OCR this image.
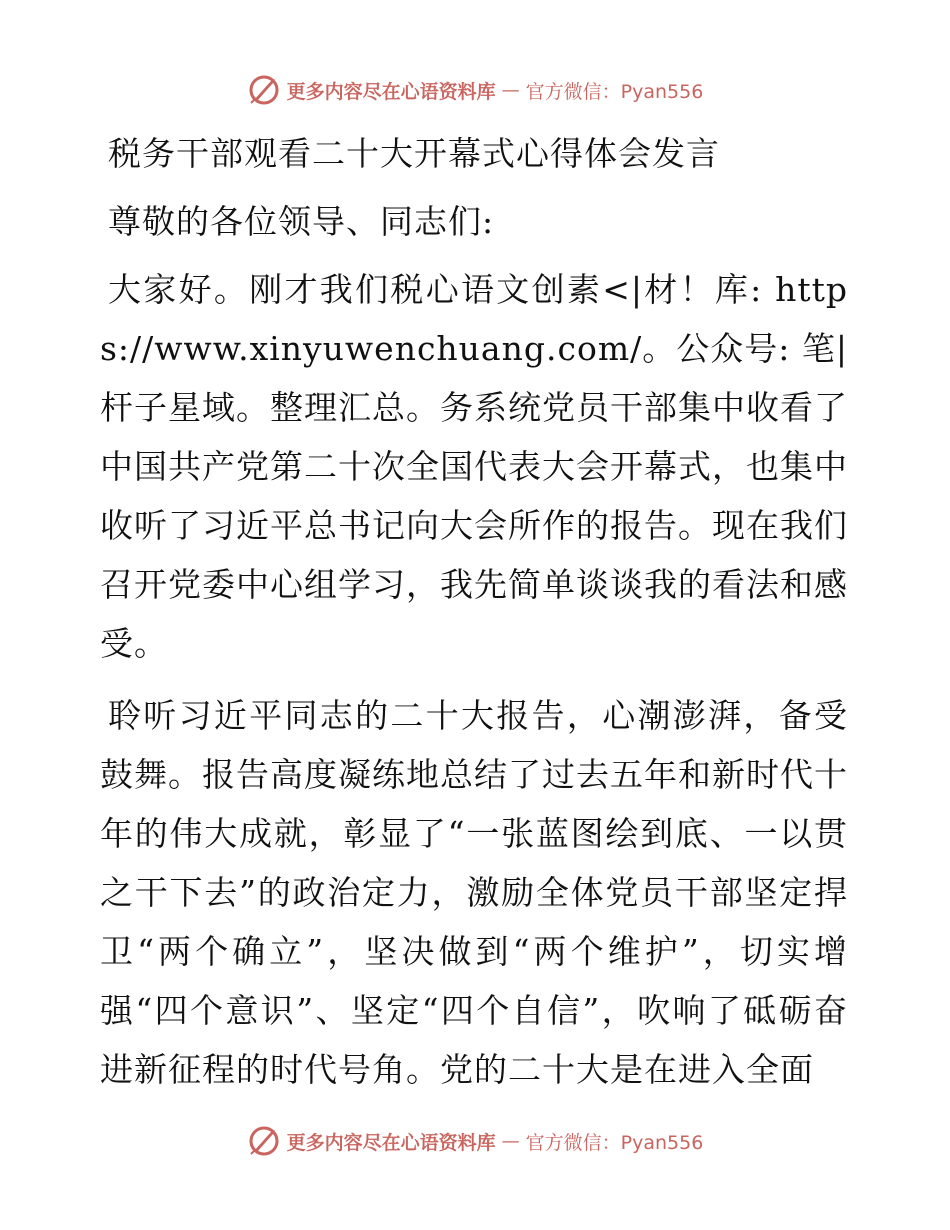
更多内容尽在心语资料库 — 官方微信：Pyan556

税务干部观看二十大开幕式心得体会发言

尊敬的各位领导、同志们:

大家好。刚才我们税心语文创素<|材！库: https://www.xinyuwenchuang.com/。公众号: 笔|杆子星域。整理汇总。务系统党员干部集中收看了中国共产党第二十次全国代表大会开幕式，也集中收听了习近平总书记向大会所作的报告。现在我们召开党委中心组学习，我先简单谈谈我的看法和感受。

聆听习近平同志的二十大报告，心潮澎湃，备受鼓舞。报告高度凝练地总结了过去五年和新时代十年的伟大成就，彰显了“一张蓝图绘到底、一以贯之干下去”的政治定力，激励全体党员干部坚定捍卫“两个确立”，坚决做到“两个维护”，切实增强“四个意识”、坚定“四个自信”，吹响了砥砺奋进新征程的时代号角。党的二十大是在进入全面

更多内容尽在心语资料库 — 官方微信：Pyan556
